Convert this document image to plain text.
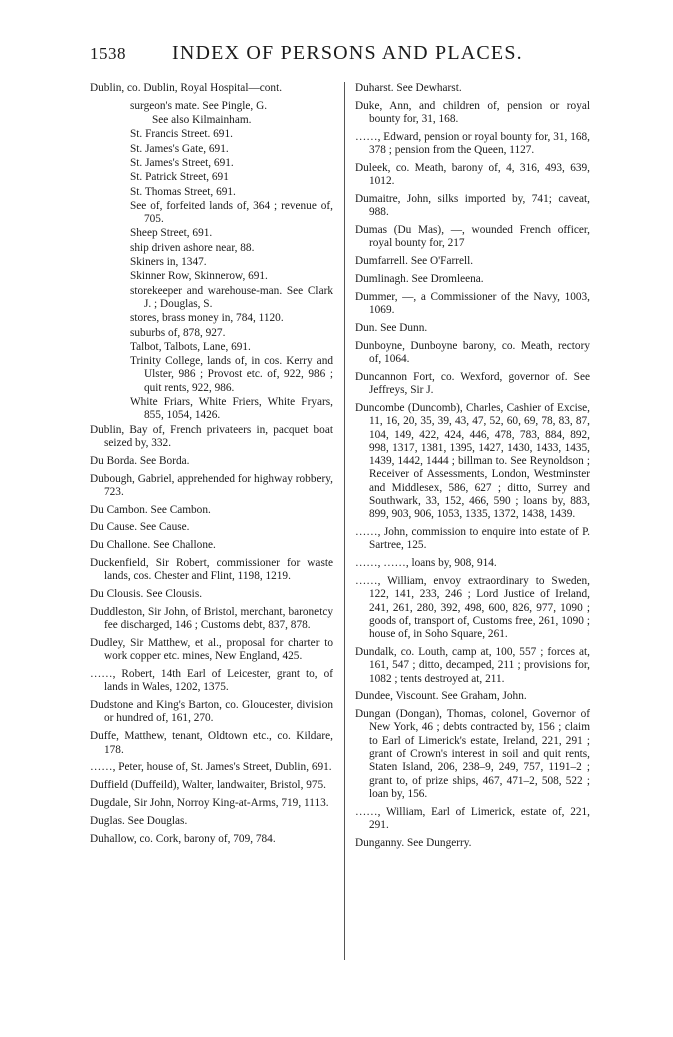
1538 INDEX OF PERSONS AND PLACES.
Dublin, co. Dublin, Royal Hospital—cont.
surgeon's mate. See Pingle, G.
See also Kilmainham.
St. Francis Street. 691.
St. James's Gate, 691.
St. James's Street, 691.
St. Patrick Street, 691
St. Thomas Street, 691.
See of, forfeited lands of, 364 ; revenue of, 705.
Sheep Street, 691.
ship driven ashore near, 88.
Skiners in, 1347.
Skinner Row, Skinnerow, 691.
storekeeper and warehouse-man. See Clark J. ; Douglas, S.
stores, brass money in, 784, 1120.
suburbs of, 878, 927.
Talbot, Talbots, Lane, 691.
Trinity College, lands of, in cos. Kerry and Ulster, 986 ; Provost etc. of, 922, 986 ; quit rents, 922, 986.
White Friars, White Friers, White Fryars, 855, 1054, 1426.
Dublin, Bay of, French privateers in, pacquet boat seized by, 332.
Du Borda. See Borda.
Dubough, Gabriel, apprehended for highway robbery, 723.
Du Cambon. See Cambon.
Du Cause. See Cause.
Du Challone. See Challone.
Duckenfield, Sir Robert, commissioner for waste lands, cos. Chester and Flint, 1198, 1219.
Du Clousis. See Clousis.
Duddleston, Sir John, of Bristol, merchant, baronetcy fee discharged, 146 ; Customs debt, 837, 878.
Dudley, Sir Matthew, et al., proposal for charter to work copper etc. mines, New England, 425.
……, Robert, 14th Earl of Leicester, grant to, of lands in Wales, 1202, 1375.
Dudstone and King's Barton, co. Gloucester, division or hundred of, 161, 270.
Duffe, Matthew, tenant, Oldtown etc., co. Kildare, 178.
……, Peter, house of, St. James's Street, Dublin, 691.
Duffield (Duffeild), Walter, landwaiter, Bristol, 975.
Dugdale, Sir John, Norroy King-at-Arms, 719, 1113.
Duglas. See Douglas.
Duhallow, co. Cork, barony of, 709, 784.
Duharst. See Dewharst.
Duke, Ann, and children of, pension or royal bounty for, 31, 168.
……, Edward, pension or royal bounty for, 31, 168, 378 ; pension from the Queen, 1127.
Duleek, co. Meath, barony of, 4, 316, 493, 639, 1012.
Dumaitre, John, silks imported by, 741; caveat, 988.
Dumas (Du Mas), —, wounded French officer, royal bounty for, 217
Dumfarrell. See O'Farrell.
Dumlinagh. See Dromleena.
Dummer, —, a Commissioner of the Navy, 1003, 1069.
Dun. See Dunn.
Dunboyne, Dunboyne barony, co. Meath, rectory of, 1064.
Duncannon Fort, co. Wexford, governor of. See Jeffreys, Sir J.
Duncombe (Duncomb), Charles, Cashier of Excise, 11, 16, 20, 35, 39, 43, 47, 52, 60, 69, 78, 83, 87, 104, 149, 422, 424, 446, 478, 783, 884, 892, 998, 1317, 1381, 1395, 1427, 1430, 1433, 1435, 1439, 1442, 1444 ; billman to. See Reynoldson ; Receiver of Assessments, London, Westminster and Middlesex, 586, 627 ; ditto, Surrey and Southwark, 33, 152, 466, 590 ; loans by, 883, 899, 903, 906, 1053, 1335, 1372, 1438, 1439.
……, John, commission to enquire into estate of P. Sartree, 125.
……, ……, loans by, 908, 914.
……, William, envoy extraordinary to Sweden, 122, 141, 233, 246 ; Lord Justice of Ireland, 241, 261, 280, 392, 498, 600, 826, 977, 1090 ; goods of, transport of, Customs free, 261, 1090 ; house of, in Soho Square, 261.
Dundalk, co. Louth, camp at, 100, 557 ; forces at, 161, 547 ; ditto, decamped, 211 ; provisions for, 1082 ; tents destroyed at, 211.
Dundee, Viscount. See Graham, John.
Dungan (Dongan), Thomas, colonel, Governor of New York, 46 ; debts contracted by, 156 ; claim to Earl of Limerick's estate, Ireland, 221, 291 ; grant of Crown's interest in soil and quit rents, Staten Island, 206, 238–9, 249, 757, 1191–2 ; grant to, of prize ships, 467, 471–2, 508, 522 ; loan by, 156.
……, William, Earl of Limerick, estate of, 221, 291.
Dunganny. See Dungerry.
